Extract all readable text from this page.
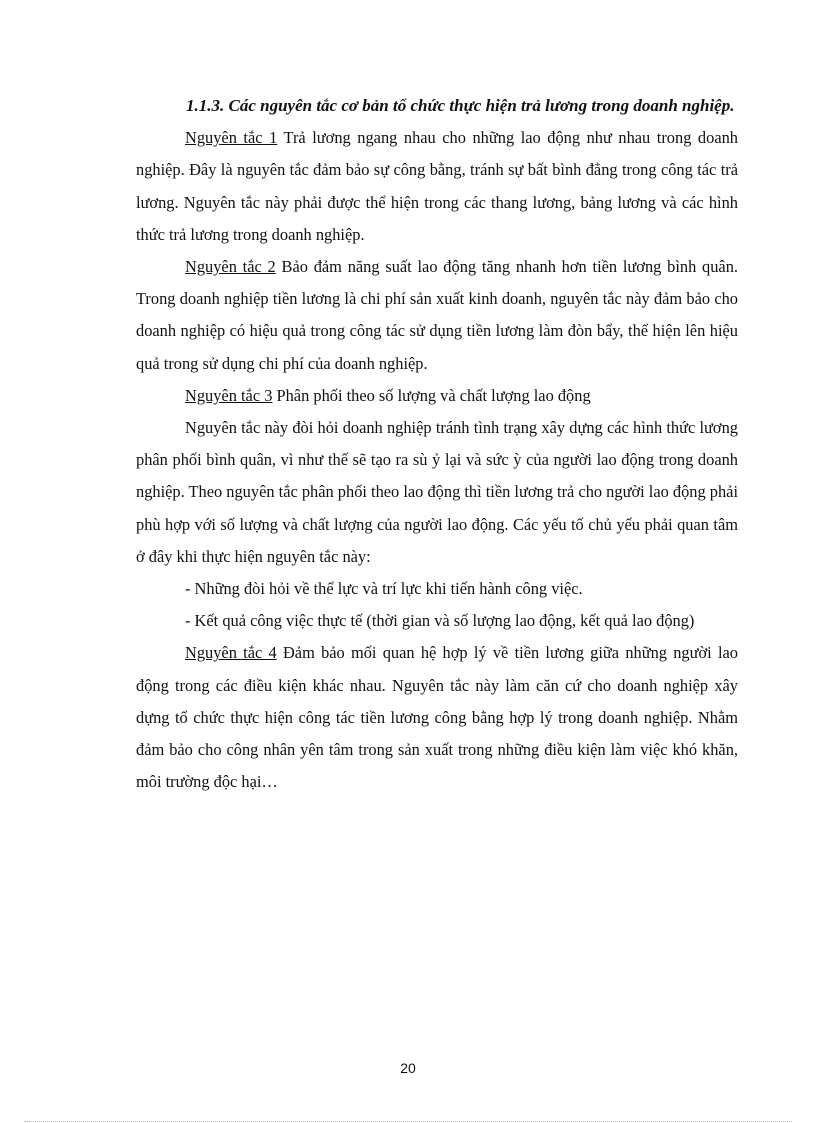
1.1.3. Các nguyên tắc cơ bản tổ chức thực hiện trả lương trong doanh nghiệp.

Nguyên tắc 1 Trả lương ngang nhau cho những lao động như nhau trong doanh nghiệp. Đây là nguyên tắc đảm bảo sự công bằng, tránh sự bất bình đẳng trong công tác trả lương. Nguyên tắc này phải được thể hiện trong các thang lương, bảng lương và các hình thức trả lương trong doanh nghiệp.

Nguyên tắc 2 Bảo đảm năng suất lao động tăng nhanh hơn tiền lương bình quân. Trong doanh nghiệp tiền lương là chi phí sản xuất kinh doanh, nguyên tắc này đảm bảo cho doanh nghiệp có hiệu quả trong công tác sử dụng tiền lương làm đòn bẩy, thể hiện lên hiệu quả trong sử dụng chi phí của doanh nghiệp.

Nguyên tắc 3 Phân phối theo số lượng và chất lượng lao động

Nguyên tắc này đòi hỏi doanh nghiệp tránh tình trạng xây dựng các hình thức lương phân phối bình quân, vì như thế sẽ tạo ra sù ỷ lại và sức ỳ của người lao động trong doanh nghiệp. Theo nguyên tắc phân phối theo lao động thì tiền lương trả cho người lao động phải phù hợp với số lượng và chất lượng của người lao động. Các yếu tố chủ yếu phải quan tâm ở đây khi thực hiện nguyên tắc này:

- Những đòi hỏi về thể lực và trí lực khi tiến hành công việc.

- Kết quả công việc thực tế (thời gian và số lượng lao động, kết quả lao động)

Nguyên tắc 4 Đảm bảo mối quan hệ hợp lý về tiền lương giữa những người lao động trong các điều kiện khác nhau. Nguyên tắc này làm căn cứ cho doanh nghiệp xây dựng tổ chức thực hiện công tác tiền lương công bằng hợp lý trong doanh nghiệp. Nhằm đảm bảo cho công nhân yên tâm trong sản xuất trong những điều kiện làm việc khó khăn, môi trường độc hại…

20
